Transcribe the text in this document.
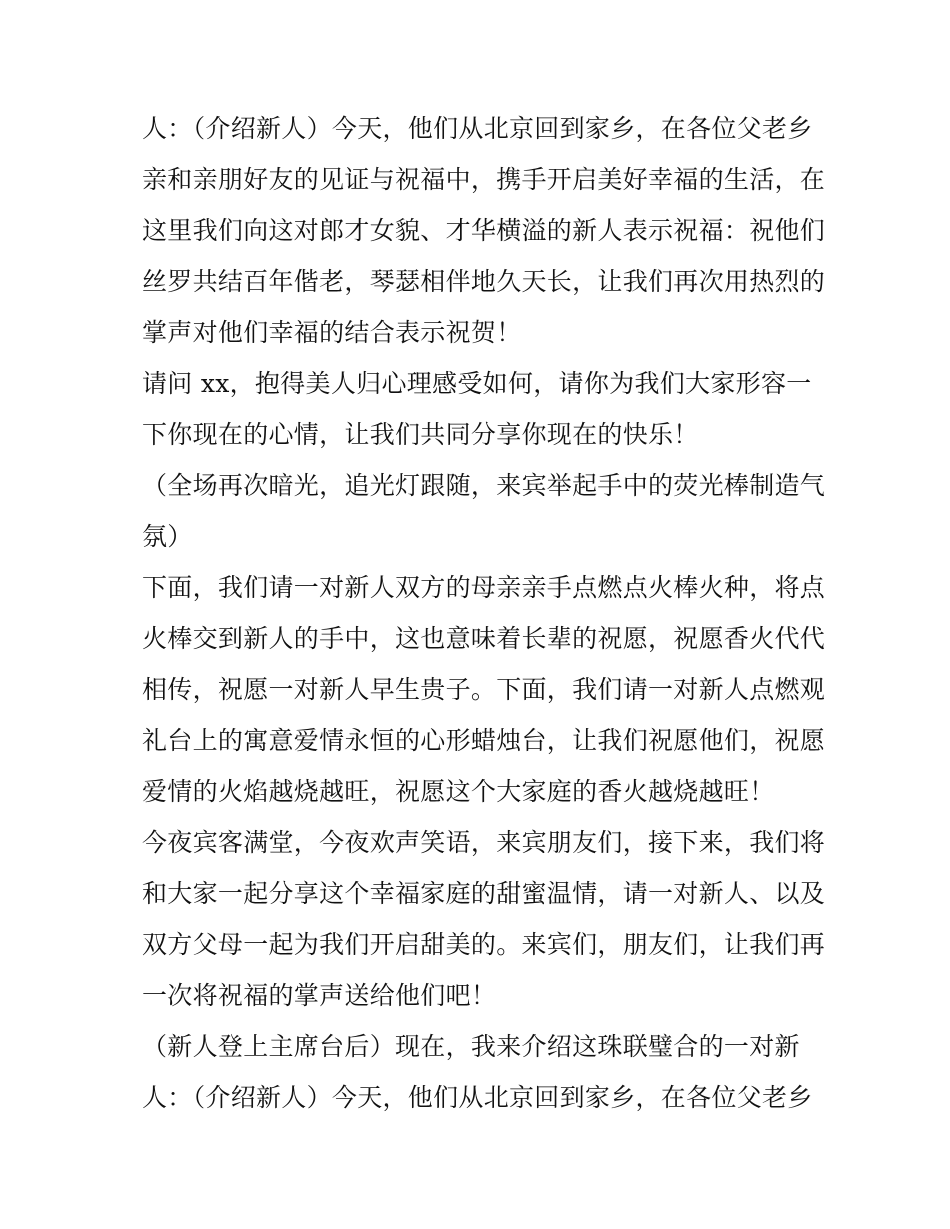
人：（介绍新人）今天，他们从北京回到家乡，在各位父老乡
亲和亲朋好友的见证与祝福中，携手开启美好幸福的生活，在
这里我们向这对郎才女貌、才华横溢的新人表示祝福：祝他们
丝罗共结百年偕老，琴瑟相伴地久天长，让我们再次用热烈的
掌声对他们幸福的结合表示祝贺！
请问 xx，抱得美人归心理感受如何，请你为我们大家形容一
下你现在的心情，让我们共同分享你现在的快乐！
（全场再次暗光，追光灯跟随，来宾举起手中的荧光棒制造气
氛）
下面，我们请一对新人双方的母亲亲手点燃点火棒火种，将点
火棒交到新人的手中，这也意味着长辈的祝愿，祝愿香火代代
相传，祝愿一对新人早生贵子。下面，我们请一对新人点燃观
礼台上的寓意爱情永恒的心形蜡烛台，让我们祝愿他们，祝愿
爱情的火焰越烧越旺，祝愿这个大家庭的香火越烧越旺！
今夜宾客满堂，今夜欢声笑语，来宾朋友们，接下来，我们将
和大家一起分享这个幸福家庭的甜蜜温情，请一对新人、以及
双方父母一起为我们开启甜美的。来宾们，朋友们，让我们再
一次将祝福的掌声送给他们吧！
（新人登上主席台后）现在，我来介绍这珠联璧合的一对新
人：（介绍新人）今天，他们从北京回到家乡，在各位父老乡
